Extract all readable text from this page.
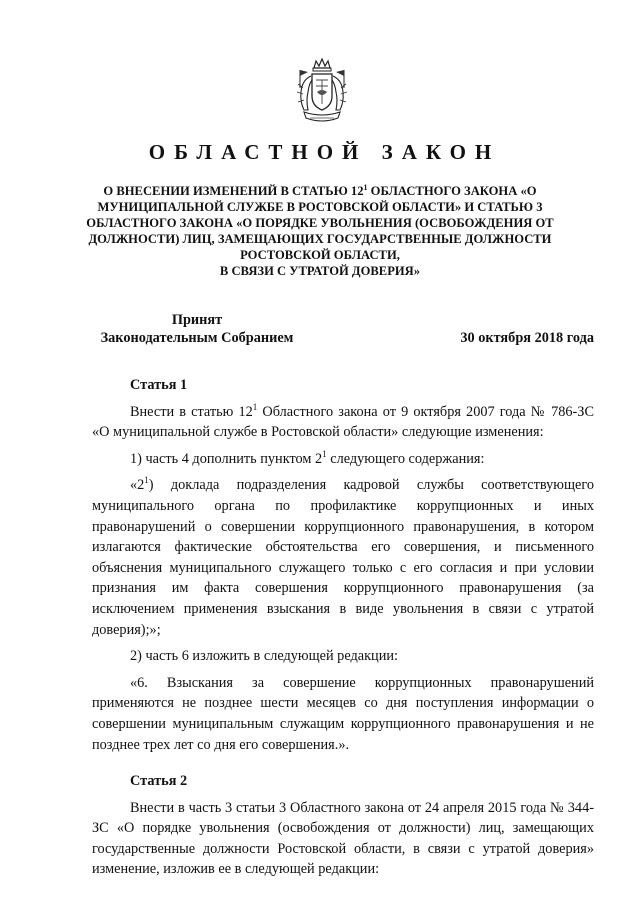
ОБЛАСТНОЙ ЗАКОН
О ВНЕСЕНИИ ИЗМЕНЕНИЙ В СТАТЬЮ $12^1$ ОБЛАСТНОГО ЗАКОНА «О МУНИЦИПАЛЬНОЙ СЛУЖБЕ В РОСТОВСКОЙ ОБЛАСТИ» И СТАТЬЮ 3 ОБЛАСТНОГО ЗАКОНА «О ПОРЯДКЕ УВОЛЬНЕНИЯ (ОСВОБОЖДЕНИЯ ОТ ДОЛЖНОСТИ) ЛИЦ, ЗАМЕЩАЮЩИХ ГОСУДАРСТВЕННЫЕ ДОЛЖНОСТИ РОСТОВСКОЙ ОБЛАСТИ,
В СВЯЗИ С УТРАТОЙ ДОВЕРИЯ»
Принят
Законодательным Собранием	30 октября 2018 года

Статья 1

Внести в статью $12^1$ Областного закона от 9 октября 2007 года № 786-ЗС «О муниципальной службе в Ростовской области» следующие изменения:

1) часть 4 дополнить пунктом $2^1$ следующего содержания:

«$2^1$) доклада подразделения кадровой службы соответствующего муниципального органа по профилактике коррупционных и иных правонарушений о совершении коррупционного правонарушения, в котором излагаются фактические обстоятельства его совершения, и письменного объяснения муниципального служащего только с его согласия и при условии признания им факта совершения коррупционного правонарушения (за исключением применения взыскания в виде увольнения в связи с утратой доверия);»;

2) часть 6 изложить в следующей редакции:

«6. Взыскания за совершение коррупционных правонарушений применяются не позднее шести месяцев со дня поступления информации о совершении муниципальным служащим коррупционного правонарушения и не позднее трех лет со дня его совершения.».

Статья 2

Внести в часть 3 статьи 3 Областного закона от 24 апреля 2015 года № 344-ЗС «О порядке увольнения (освобождения от должности) лиц, замещающих государственные должности Ростовской области, в связи с утратой доверия» изменение, изложив ее в следующей редакции:
